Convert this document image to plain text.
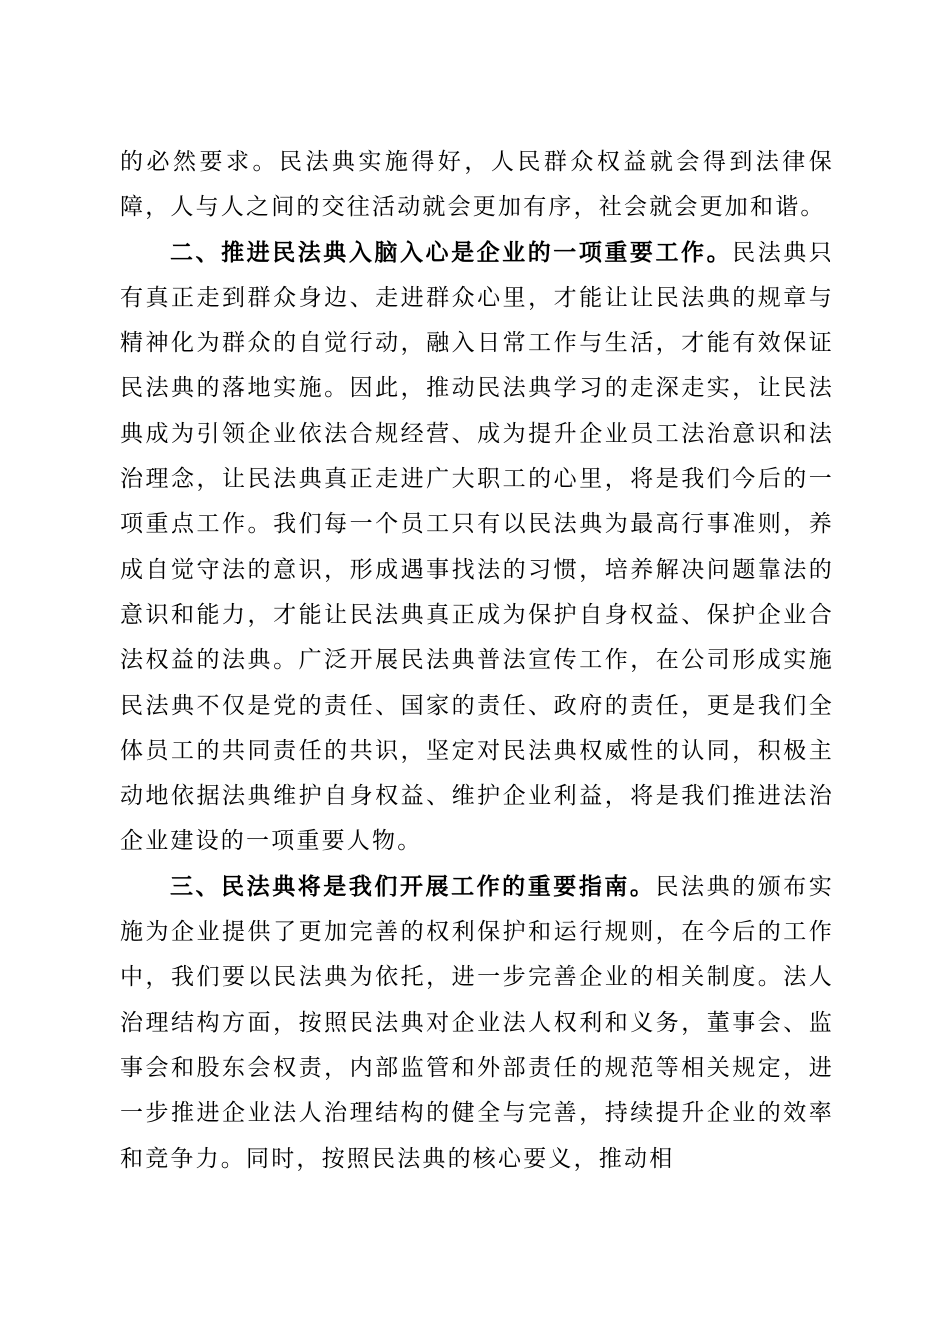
的必然要求。民法典实施得好，人民群众权益就会得到法律保障，人与人之间的交往活动就会更加有序，社会就会更加和谐。

二、推进民法典入脑入心是企业的一项重要工作。民法典只有真正走到群众身边、走进群众心里，才能让让民法典的规章与精神化为群众的自觉行动，融入日常工作与生活，才能有效保证民法典的落地实施。因此，推动民法典学习的走深走实，让民法典成为引领企业依法合规经营、成为提升企业员工法治意识和法治理念，让民法典真正走进广大职工的心里，将是我们今后的一项重点工作。我们每一个员工只有以民法典为最高行事准则，养成自觉守法的意识，形成遇事找法的习惯，培养解决问题靠法的意识和能力，才能让民法典真正成为保护自身权益、保护企业合法权益的法典。广泛开展民法典普法宣传工作，在公司形成实施民法典不仅是党的责任、国家的责任、政府的责任，更是我们全体员工的共同责任的共识，坚定对民法典权威性的认同，积极主动地依据法典维护自身权益、维护企业利益，将是我们推进法治企业建设的一项重要人物。

三、民法典将是我们开展工作的重要指南。民法典的颁布实施为企业提供了更加完善的权利保护和运行规则，在今后的工作中，我们要以民法典为依托，进一步完善企业的相关制度。法人治理结构方面，按照民法典对企业法人权利和义务，董事会、监事会和股东会权责，内部监管和外部责任的规范等相关规定，进一步推进企业法人治理结构的健全与完善，持续提升企业的效率和竞争力。同时，按照民法典的核心要义，推动相
